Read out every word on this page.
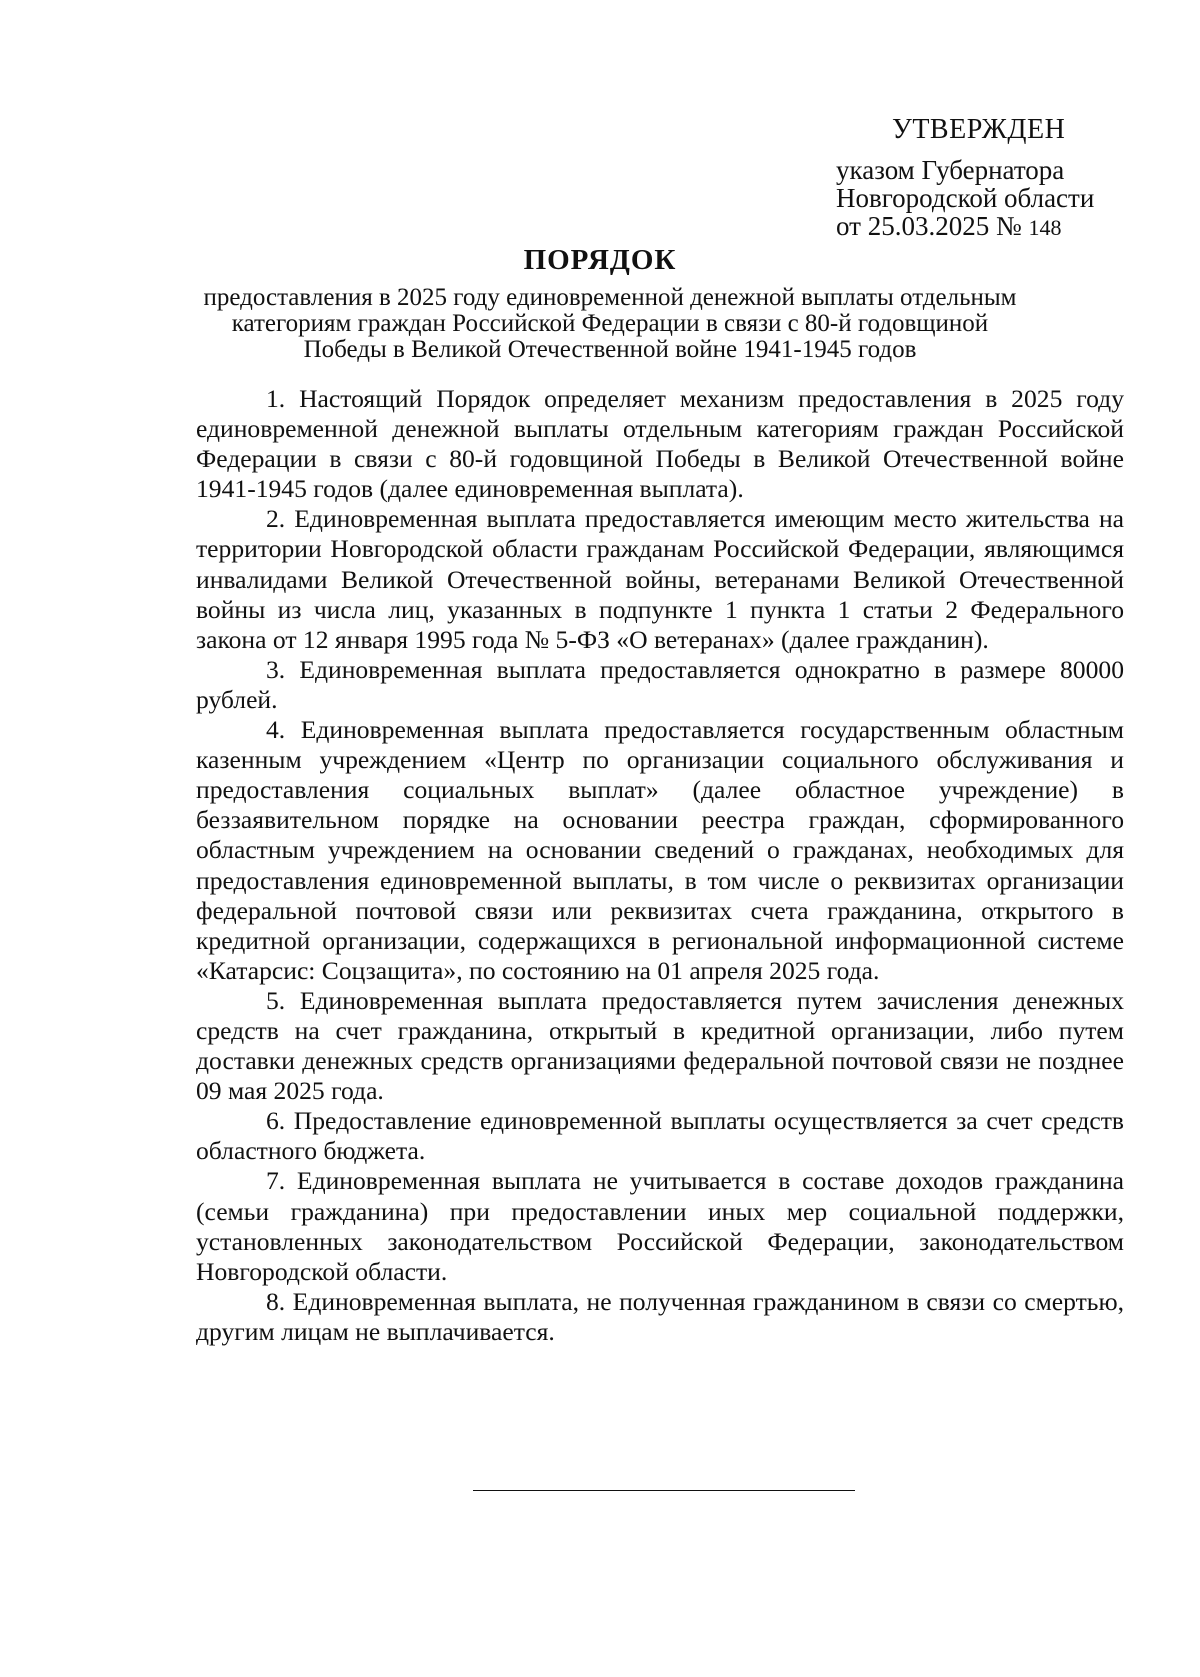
УТВЕРЖДЕН
указом Губернатора
Новгородской области
от 25.03.2025 № 148
ПОРЯДОК
предоставления в 2025 году единовременной денежной выплаты отдельным категориям граждан Российской Федерации в связи с 80-й годовщиной Победы в Великой Отечественной войне 1941-1945 годов

1. Настоящий Порядок определяет механизм предоставления в 2025 году единовременной денежной выплаты отдельным категориям граждан Российской Федерации в связи с 80-й годовщиной Победы в Великой Отечественной войне 1941-1945 годов (далее единовременная выплата).

2. Единовременная выплата предоставляется имеющим место жительства на территории Новгородской области гражданам Российской Федерации, являющимся инвалидами Великой Отечественной войны, ветеранами Великой Отечественной войны из числа лиц, указанных в подпункте 1 пункта 1 статьи 2 Федерального закона от 12 января 1995 года № 5-ФЗ «О ветеранах» (далее гражданин).

3. Единовременная выплата предоставляется однократно в размере 80000 рублей.

4. Единовременная выплата предоставляется государственным областным казенным учреждением «Центр по организации социального обслуживания и предоставления социальных выплат» (далее областное учреждение) в беззаявительном порядке на основании реестра граждан, сформированного областным учреждением на основании сведений о гражданах, необходимых для предоставления единовременной выплаты, в том числе о реквизитах организации федеральной почтовой связи или реквизитах счета гражданина, открытого в кредитной организации, содержащихся в региональной информационной системе «Катарсис: Соцзащита», по состоянию на 01 апреля 2025 года.

5. Единовременная выплата предоставляется путем зачисления денежных средств на счет гражданина, открытый в кредитной организации, либо путем доставки денежных средств организациями федеральной почтовой связи не позднее 09 мая 2025 года.

6. Предоставление единовременной выплаты осуществляется за счет средств областного бюджета.

7. Единовременная выплата не учитывается в составе доходов гражданина (семьи гражданина) при предоставлении иных мер социальной поддержки, установленных законодательством Российской Федерации, законодательством Новгородской области.

8. Единовременная выплата, не полученная гражданином в связи со смертью, другим лицам не выплачивается.
